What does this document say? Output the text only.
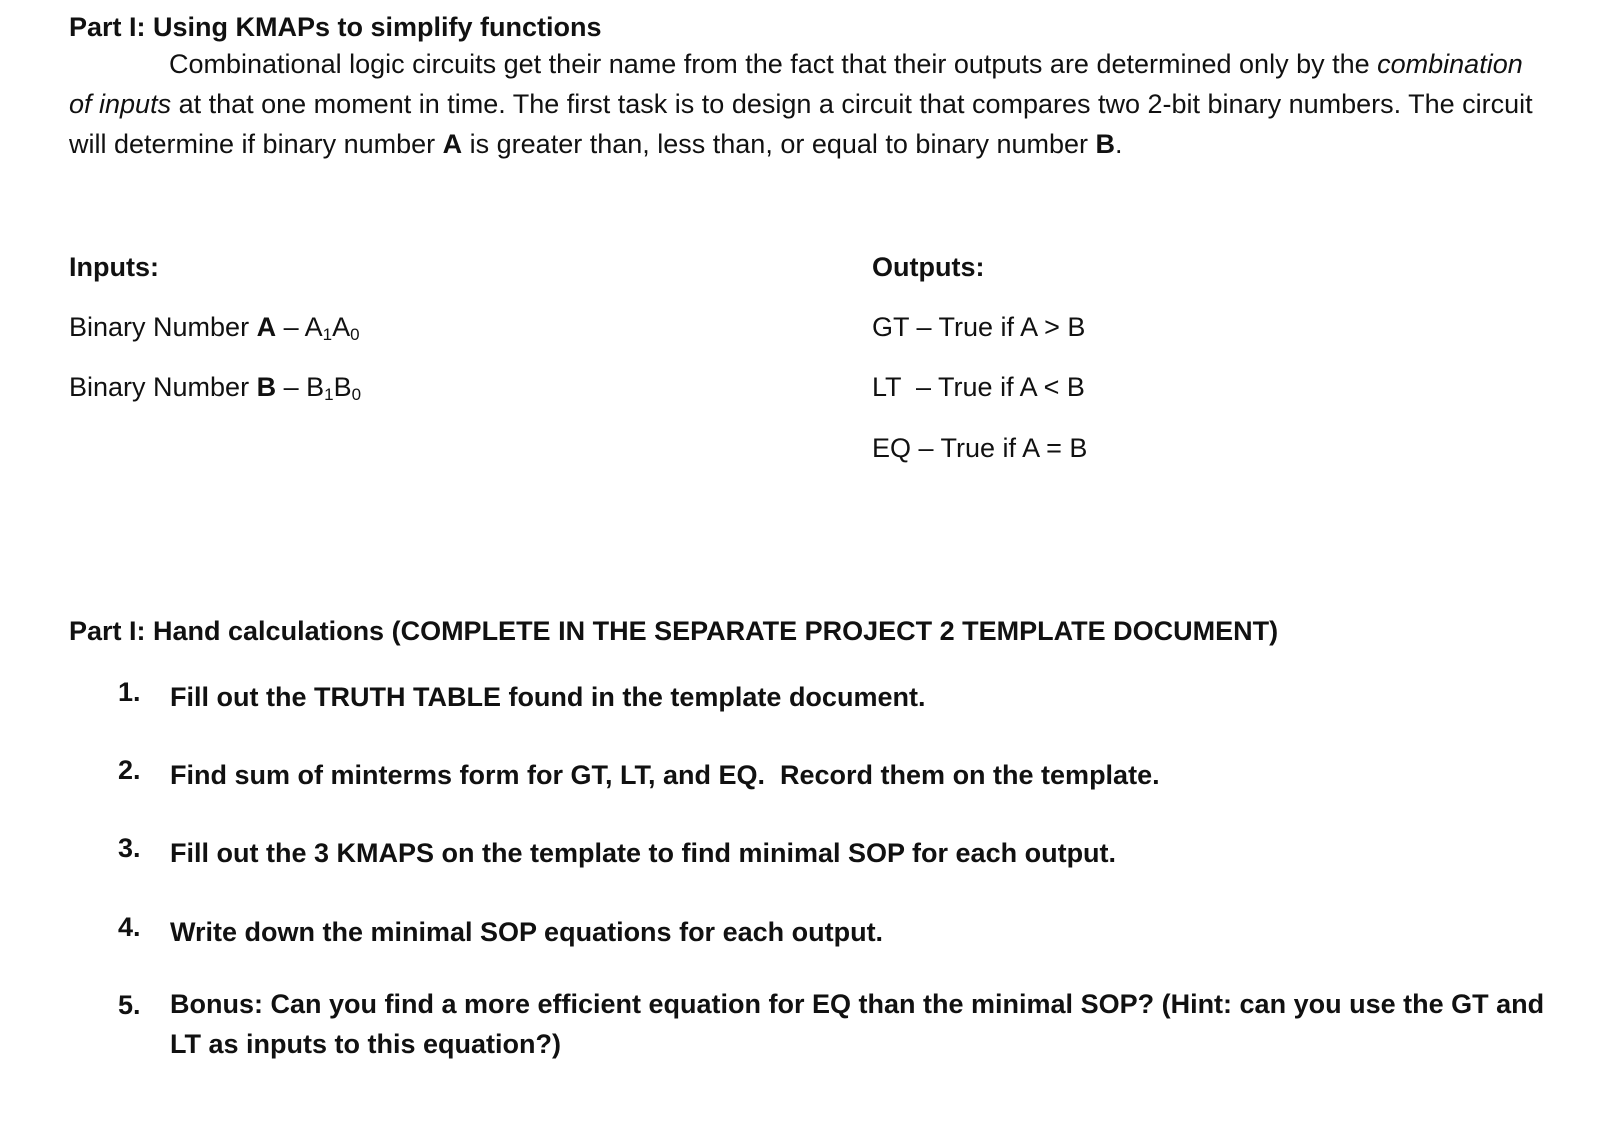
Part I: Using KMAPs to simplify functions
Combinational logic circuits get their name from the fact that their outputs are determined only by the combination of inputs at that one moment in time. The first task is to design a circuit that compares two 2-bit binary numbers. The circuit will determine if binary number A is greater than, less than, or equal to binary number B.
Inputs:
Binary Number A – $A_1A_0$
Binary Number B – $B_1B_0$
Outputs:
GT – True if A > B
LT  – True if A < B
EQ – True if A = B
Part I: Hand calculations (COMPLETE IN THE SEPARATE PROJECT 2 TEMPLATE DOCUMENT)
1. Fill out the TRUTH TABLE found in the template document.
2. Find sum of minterms form for GT, LT, and EQ.  Record them on the template.
3. Fill out the 3 KMAPS on the template to find minimal SOP for each output.
4. Write down the minimal SOP equations for each output.
5. Bonus: Can you find a more efficient equation for EQ than the minimal SOP? (Hint: can you use the GT and LT as inputs to this equation?)
